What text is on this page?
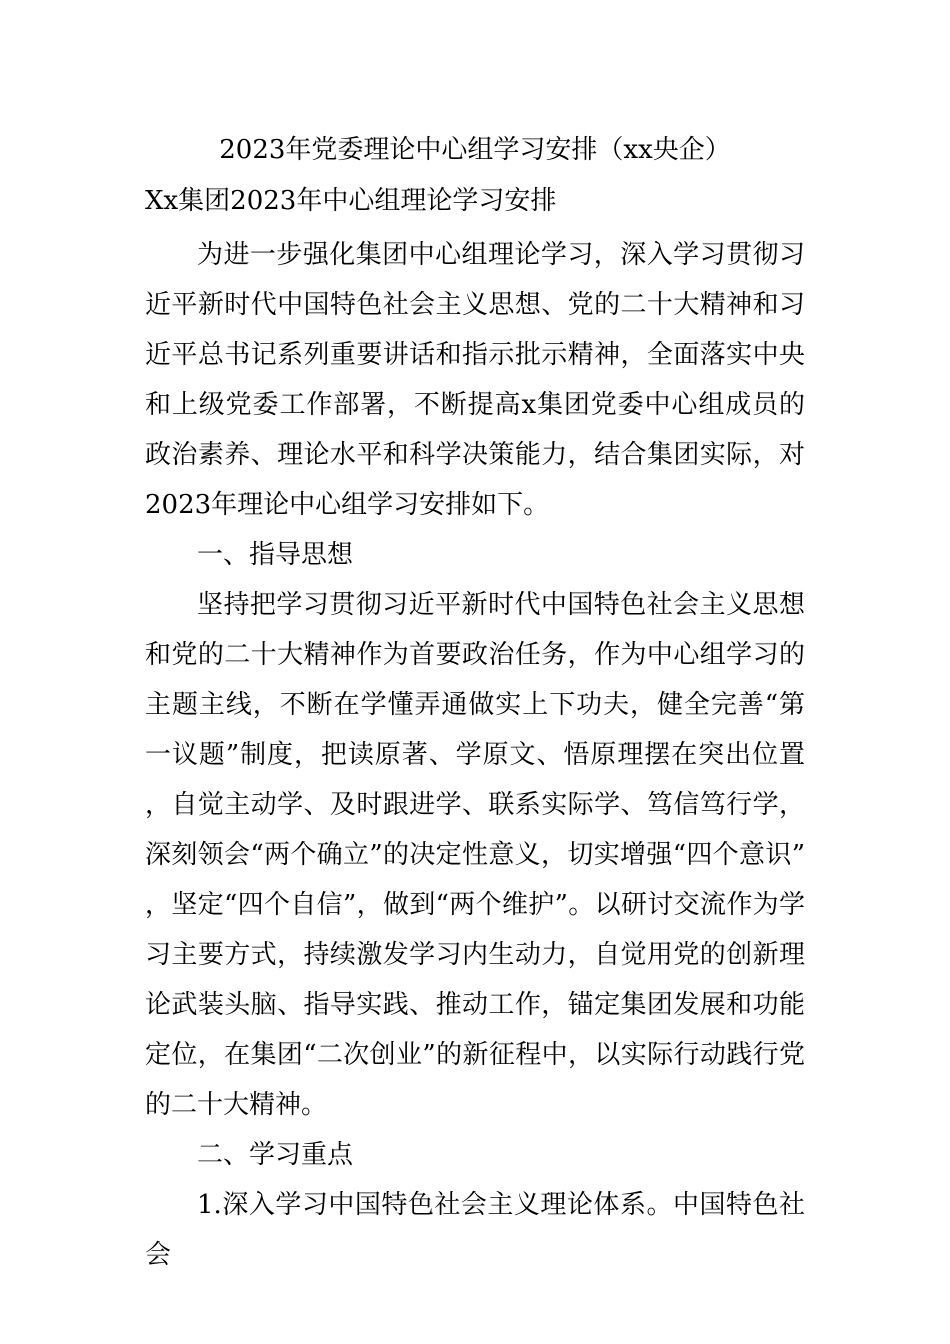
2023年党委理论中心组学习安排（xx央企）
Xx集团2023年中心组理论学习安排

为进一步强化集团中心组理论学习，深入学习贯彻习近平新时代中国特色社会主义思想、党的二十大精神和习近平总书记系列重要讲话和指示批示精神，全面落实中央和上级党委工作部署，不断提高x集团党委中心组成员的政治素养、理论水平和科学决策能力，结合集团实际，对2023年理论中心组学习安排如下。

一、指导思想

坚持把学习贯彻习近平新时代中国特色社会主义思想和党的二十大精神作为首要政治任务，作为中心组学习的主题主线，不断在学懂弄通做实上下功夫，健全完善“第一议题”制度，把读原著、学原文、悟原理摆在突出位置，自觉主动学、及时跟进学、联系实际学、笃信笃行学，深刻领会“两个确立”的决定性意义，切实增强“四个意识”，坚定“四个自信”，做到“两个维护”。以研讨交流作为学习主要方式，持续激发学习内生动力，自觉用党的创新理论武装头脑、指导实践、推动工作，锚定集团发展和功能定位，在集团“二次创业”的新征程中，以实际行动践行党的二十大精神。

二、学习重点

1.深入学习中国特色社会主义理论体系。中国特色社会
